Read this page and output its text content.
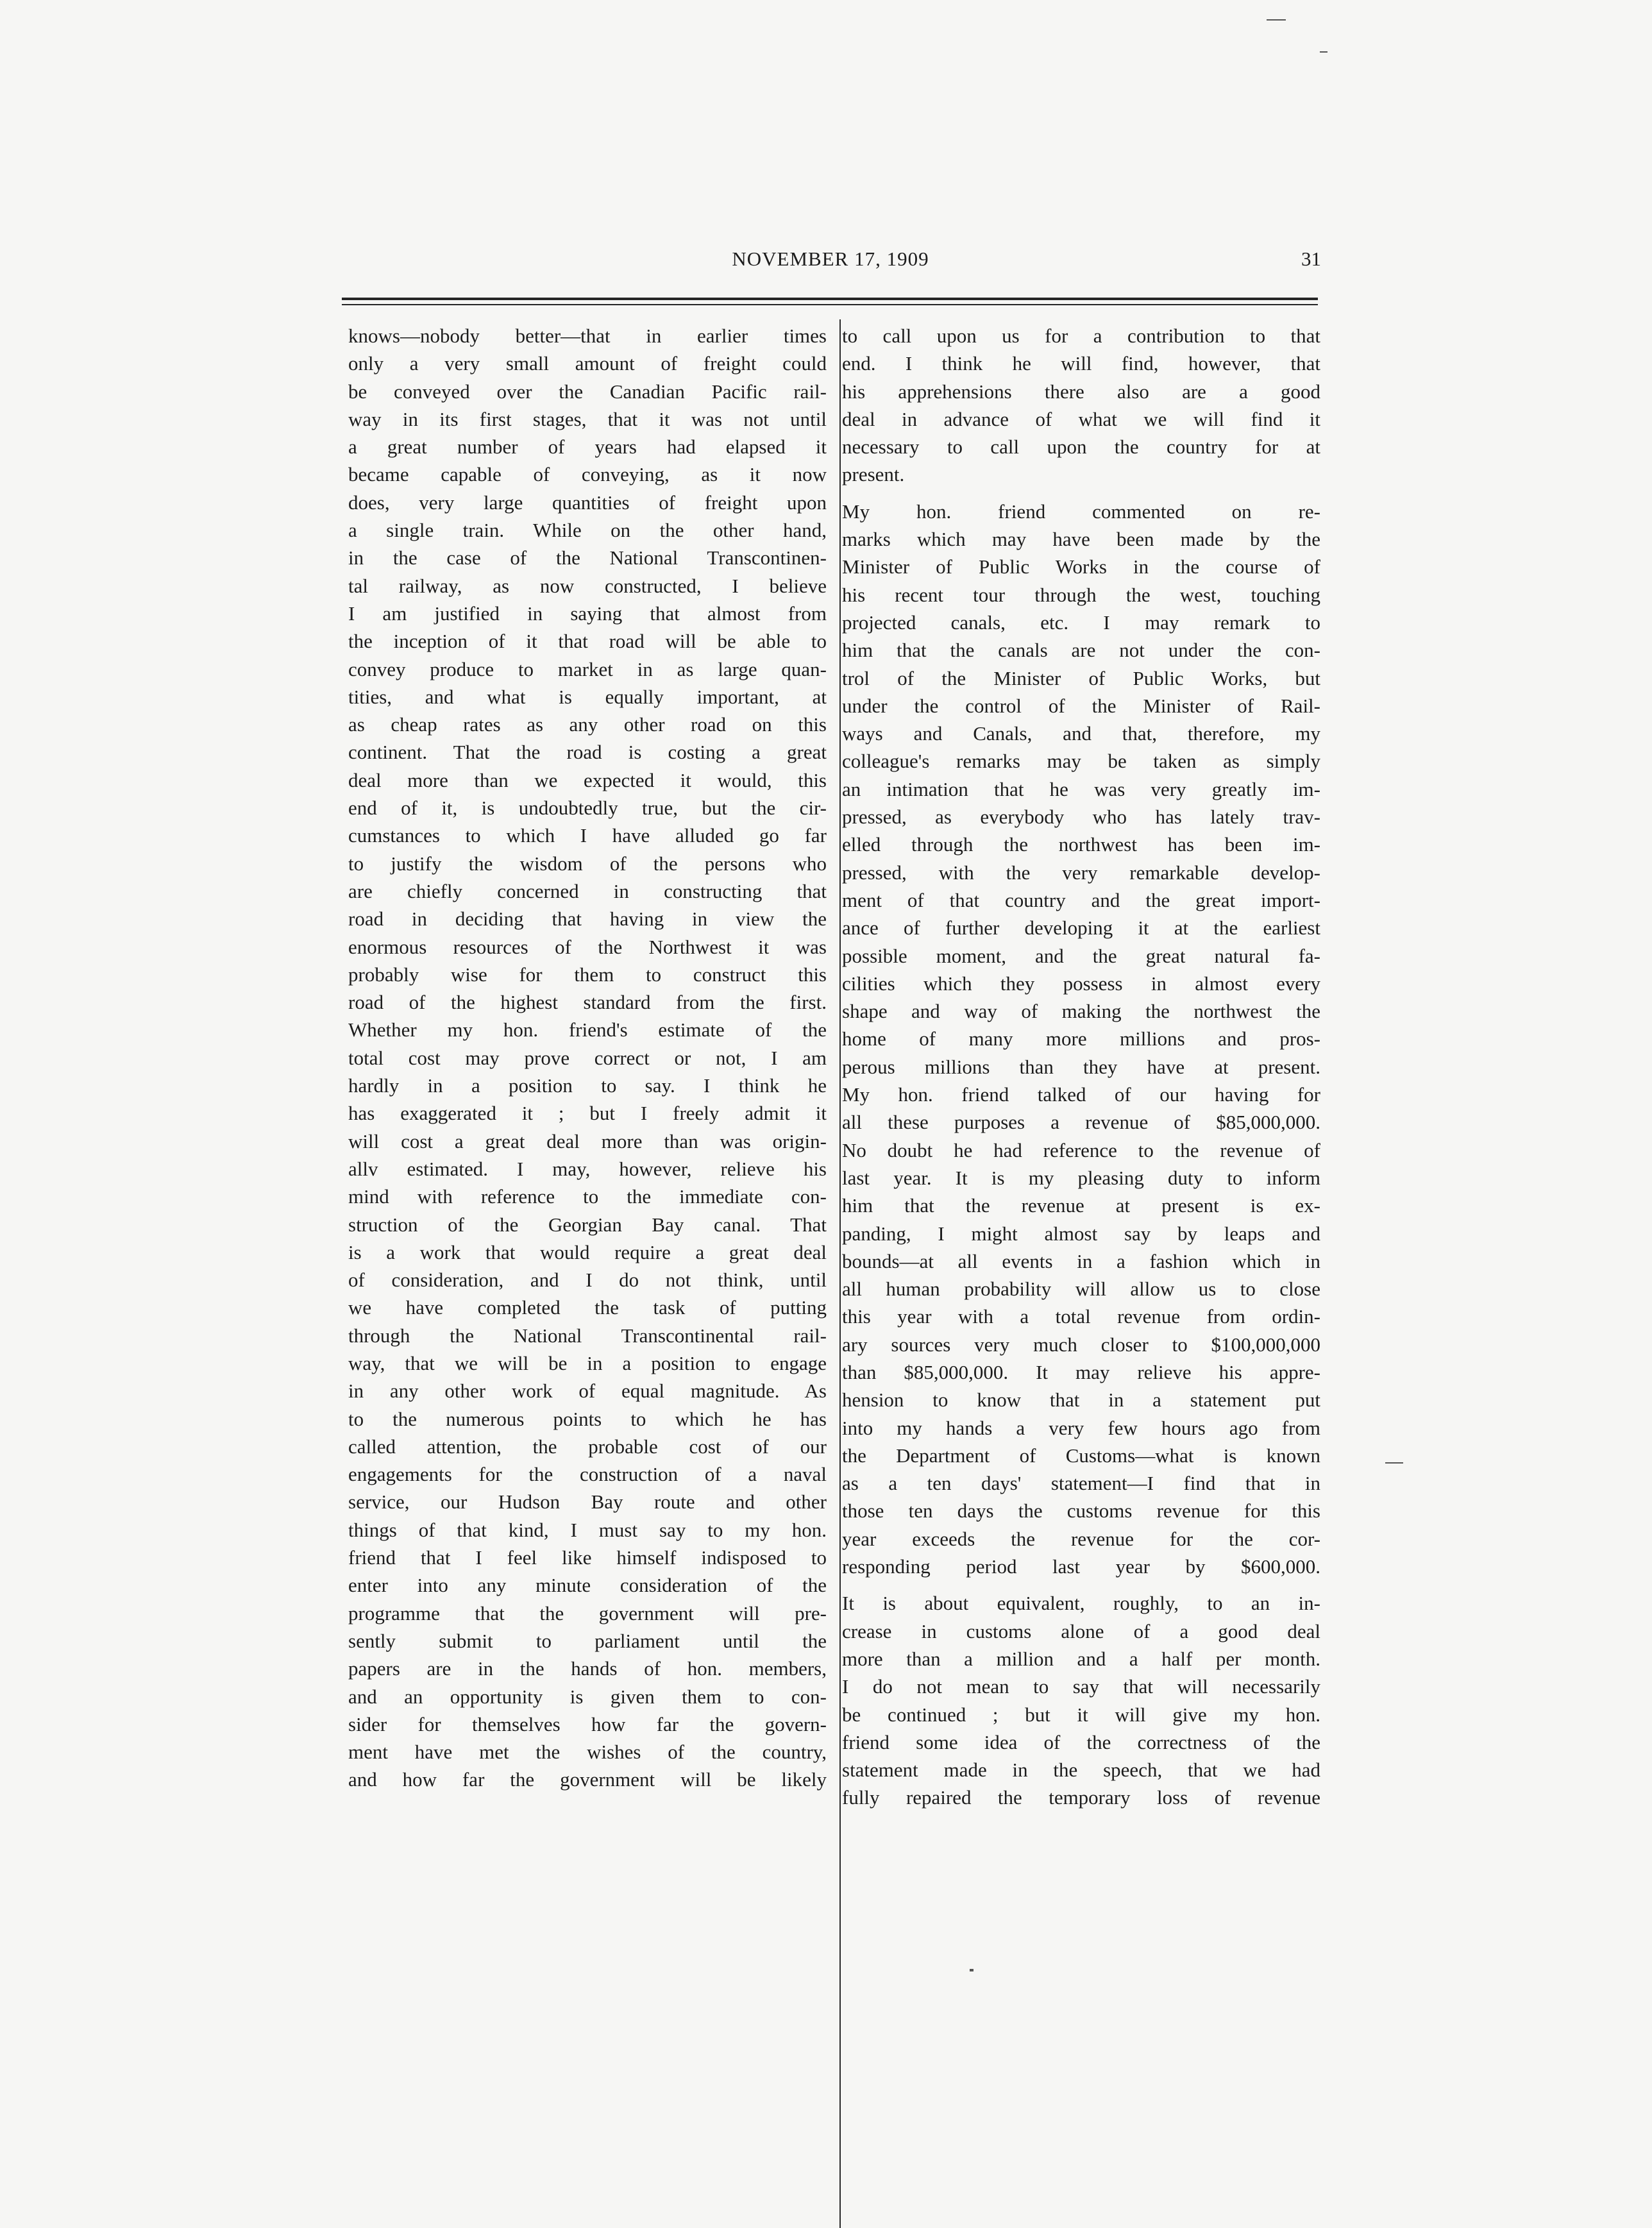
NOVEMBER 17, 1909	31

knows—nobody better—that in earlier times
only a very small amount of freight could
be conveyed over the Canadian Pacific rail-
way in its first stages, that it was not until
a great number of years had elapsed it
became capable of conveying, as it now
does, very large quantities of freight upon
a single train. While on the other hand,
in the case of the National Transcontinen-
tal railway, as now constructed, I believe
I am justified in saying that almost from
the inception of it that road will be able to
convey produce to market in as large quan-
tities, and what is equally important, at
as cheap rates as any other road on this
continent. That the road is costing a great
deal more than we expected it would, this
end of it, is undoubtedly true, but the cir-
cumstances to which I have alluded go far
to justify the wisdom of the persons who
are chiefly concerned in constructing that
road in deciding that having in view the
enormous resources of the Northwest it was
probably wise for them to construct this
road of the highest standard from the first.
Whether my hon. friend's estimate of the
total cost may prove correct or not, I am
hardly in a position to say. I think he
has exaggerated it ; but I freely admit it
will cost a great deal more than was origin-
allv estimated. I may, however, relieve his
mind with reference to the immediate con-
struction of the Georgian Bay canal. That
is a work that would require a great deal
of consideration, and I do not think, until
we have completed the task of putting
through the National Transcontinental rail-
way, that we will be in a position to engage
in any other work of equal magnitude. As
to the numerous points to which he has
called attention, the probable cost of our
engagements for the construction of a naval
service, our Hudson Bay route and other
things of that kind, I must say to my hon.
friend that I feel like himself indisposed to
enter into any minute consideration of the
programme that the government will pre-
sently submit to parliament until the
papers are in the hands of hon. members,
and an opportunity is given them to con-
sider for themselves how far the govern-
ment have met the wishes of the country,
and how far the government will be likely

to call upon us for a contribution to that
end. I think he will find, however, that
his apprehensions there also are a good
deal in advance of what we will find it
necessary to call upon the country for at
present.

My hon. friend commented on re-
marks which may have been made by the
Minister of Public Works in the course of
his recent tour through the west, touching
projected canals, etc. I may remark to
him that the canals are not under the con-
trol of the Minister of Public Works, but
under the control of the Minister of Rail-
ways and Canals, and that, therefore, my
colleague's remarks may be taken as simply
an intimation that he was very greatly im-
pressed, as everybody who has lately trav-
elled through the northwest has been im-
pressed, with the very remarkable develop-
ment of that country and the great import-
ance of further developing it at the earliest
possible moment, and the great natural fa-
cilities which they possess in almost every
shape and way of making the northwest the
home of many more millions and pros-
perous millions than they have at present.
My hon. friend talked of our having for
all these purposes a revenue of $85,000,000.
No doubt he had reference to the revenue of
last year. It is my pleasing duty to inform
him that the revenue at present is ex-
panding, I might almost say by leaps and
bounds—at all events in a fashion which in
all human probability will allow us to close
this year with a total revenue from ordin-
ary sources very much closer to $100,000,000
than $85,000,000. It may relieve his appre-
hension to know that in a statement put
into my hands a very few hours ago from
the Department of Customs—what is known
as a ten days' statement—I find that in
those ten days the customs revenue for this
year exceeds the revenue for the cor-
responding period last year by $600,000.

It is about equivalent, roughly, to an in-
crease in customs alone of a good deal
more than a million and a half per month.
I do not mean to say that will necessarily
be continued ; but it will give my hon.
friend some idea of the correctness of the
statement made in the speech, that we had
fully repaired the temporary loss of revenue
